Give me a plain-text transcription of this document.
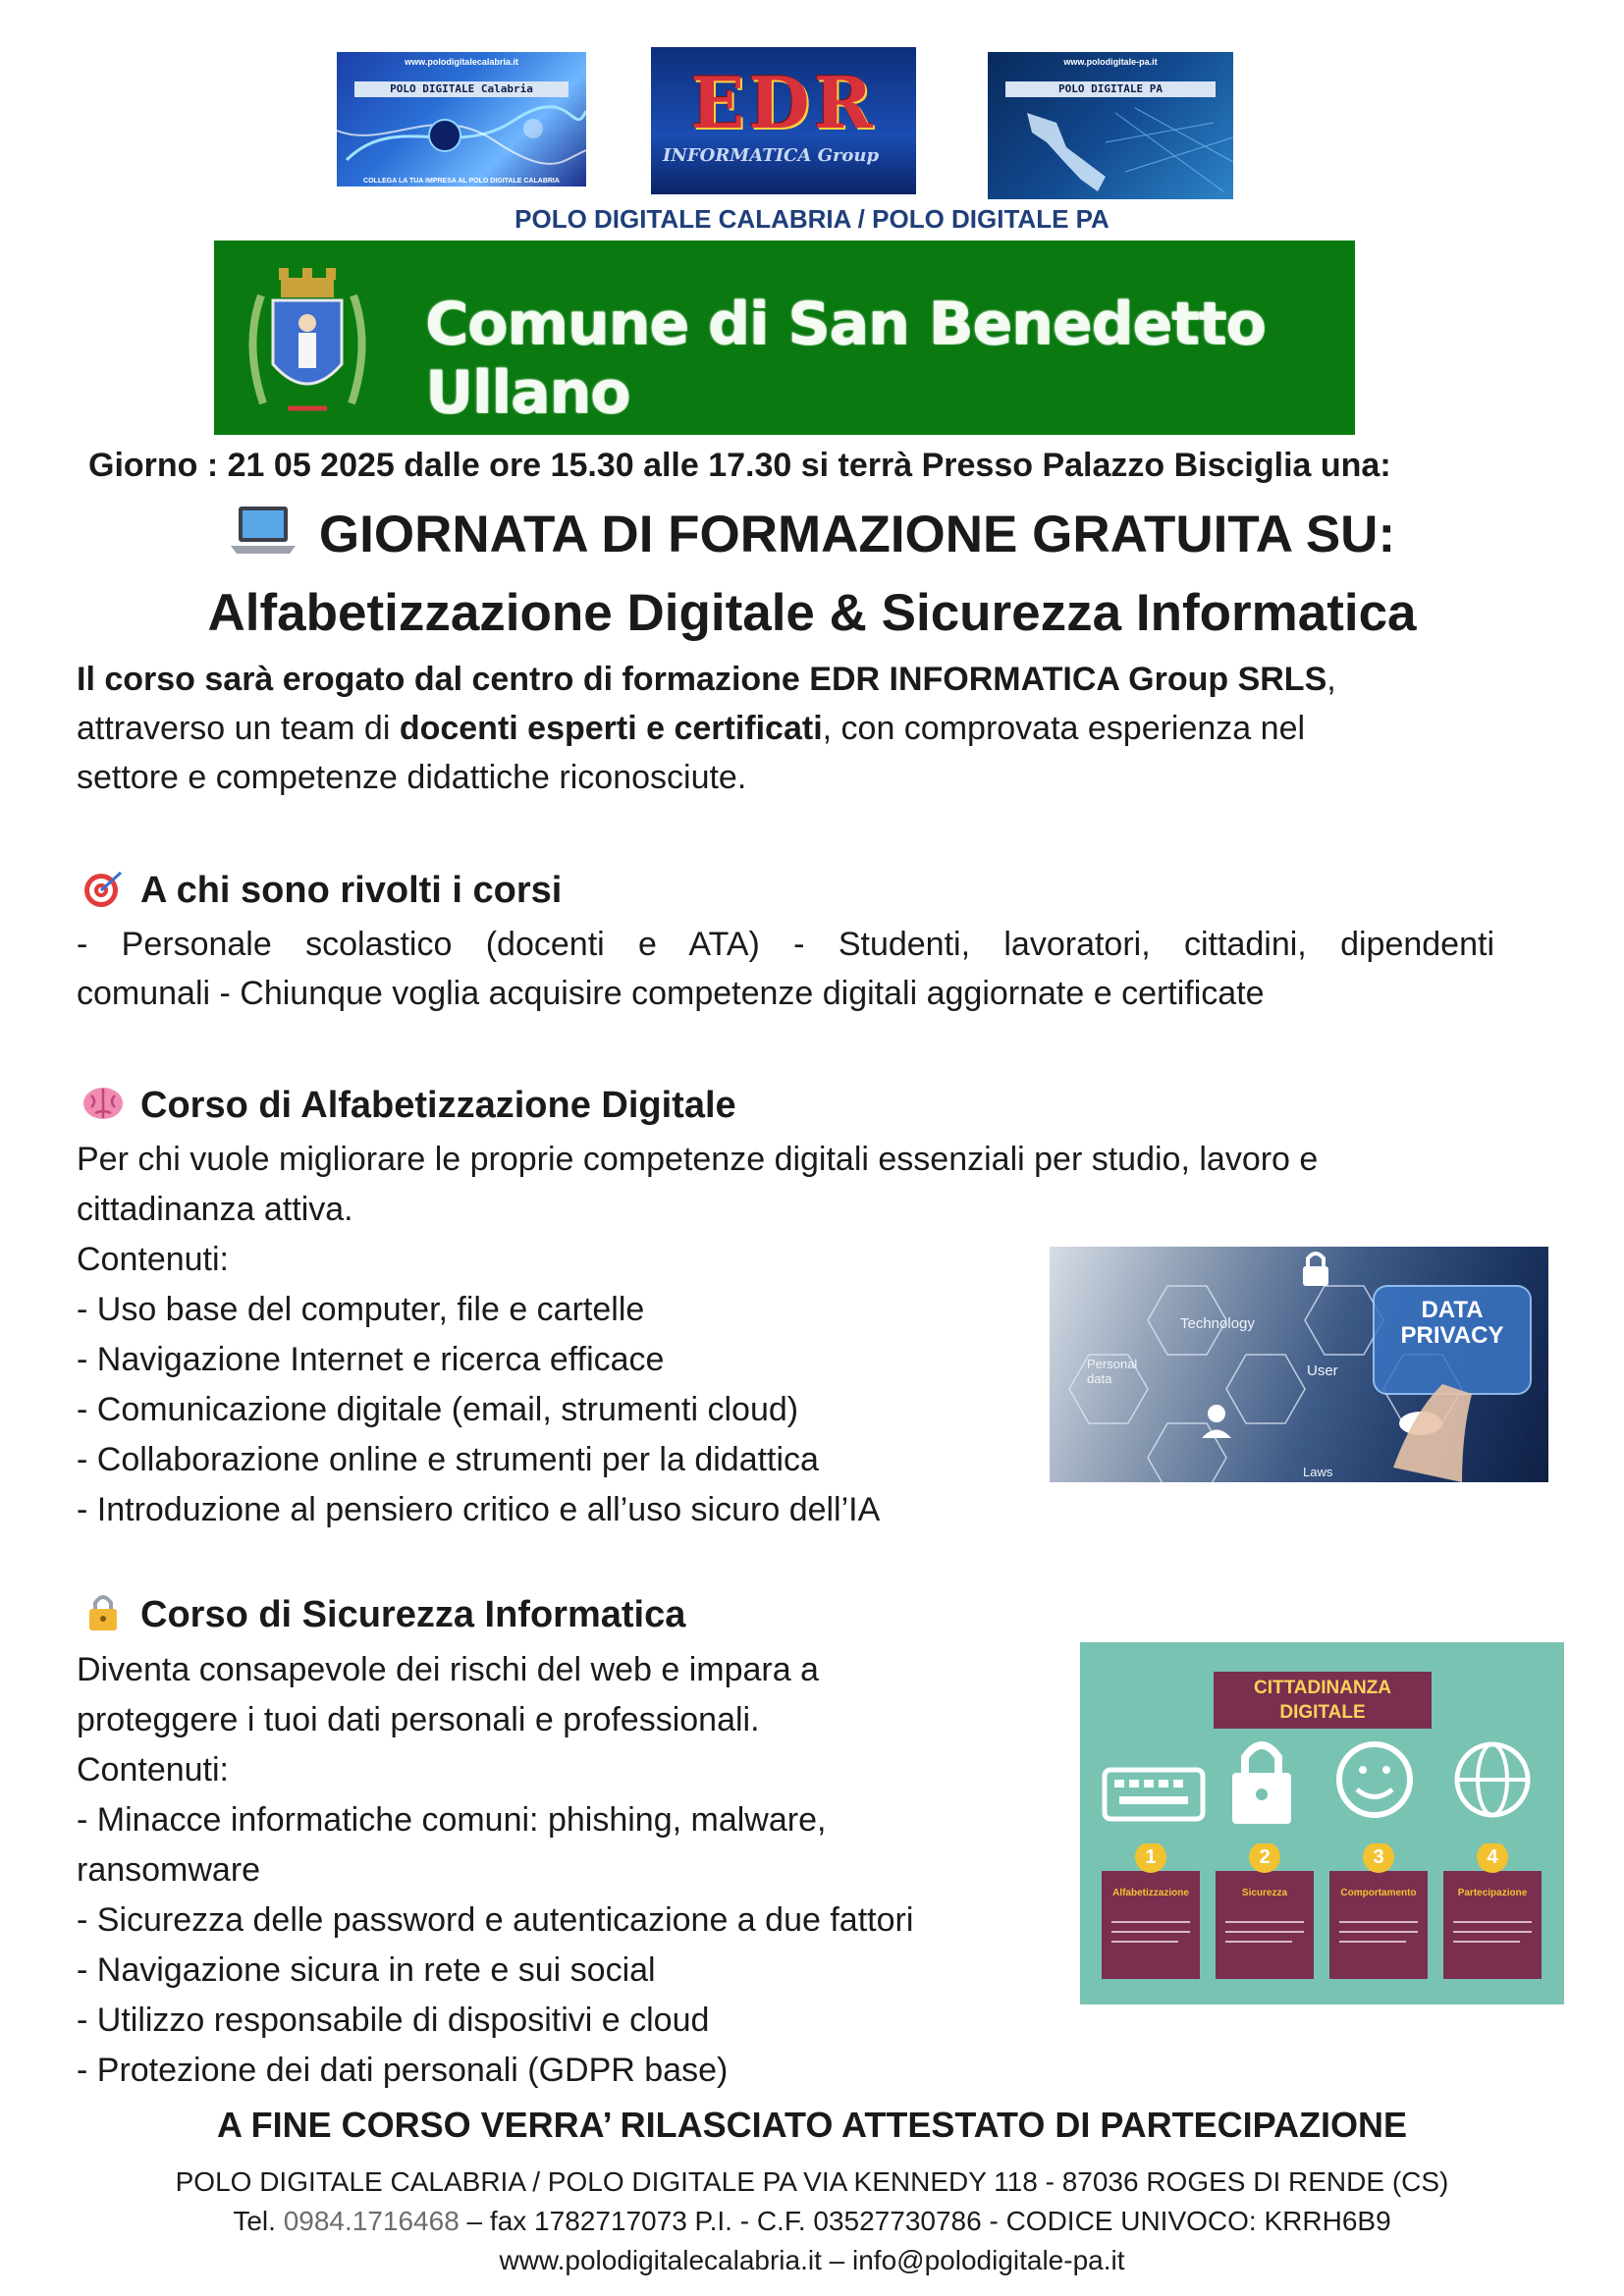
www.polodigitalecalabria.it
POLO DIGITALE Calabria
COLLEGA LA TUA IMPRESA AL POLO DIGITALE CALABRIA
EDR
INFORMATICA Group
www.polodigitale-pa.it
POLO DIGITALE PA
POLO DIGITALE CALABRIA / POLO DIGITALE PA
Comune di San Benedetto Ullano
Giorno : 21 05 2025 dalle ore 15.30 alle 17.30 si terrà Presso Palazzo Bisciglia una:
GIORNATA DI FORMAZIONE GRATUITA SU:
Alfabetizzazione Digitale & Sicurezza Informatica
Il corso sarà erogato dal centro di formazione EDR INFORMATICA Group SRLS,
attraverso un team di docenti esperti e certificati, con comprovata esperienza nel
settore e competenze didattiche riconosciute.
A chi sono rivolti i corsi
- Personale scolastico (docenti e ATA) - Studenti, lavoratori, cittadini, dipendenti
comunali - Chiunque voglia acquisire competenze digitali aggiornate e certificate
Corso di Alfabetizzazione Digitale
Per chi vuole migliorare le proprie competenze digitali essenziali per studio, lavoro e
cittadinanza attiva.
Contenuti:
- Uso base del computer, file e cartelle
- Navigazione Internet e ricerca efficace
- Comunicazione digitale (email, strumenti cloud)
- Collaborazione online e strumenti per la didattica
- Introduzione al pensiero critico e all’uso sicuro dell’IA
Technology
Personal data	User
Laws
DATA
PRIVACY
Corso di Sicurezza Informatica
Diventa consapevole dei rischi del web e impara a
proteggere i tuoi dati personali e professionali.
Contenuti:
- Minacce informatiche comuni: phishing, malware,
ransomware
- Sicurezza delle password e autenticazione a due fattori
- Navigazione sicura in rete e sui social
- Utilizzo responsabile di dispositivi e cloud
- Protezione dei dati personali (GDPR base)
CITTADINANZA
DIGITALE
1	2	3	4
Alfabetizzazione	Sicurezza	Comportamento	Partecipazione
A FINE CORSO VERRA’ RILASCIATO ATTESTATO DI PARTECIPAZIONE
POLO DIGITALE CALABRIA / POLO DIGITALE PA VIA KENNEDY 118 - 87036 ROGES DI RENDE (CS)
Tel. 0984.1716468 – fax 1782717073 P.I. - C.F. 03527730786 - CODICE UNIVOCO: KRRH6B9
www.polodigitalecalabria.it – info@polodigitale-pa.it
